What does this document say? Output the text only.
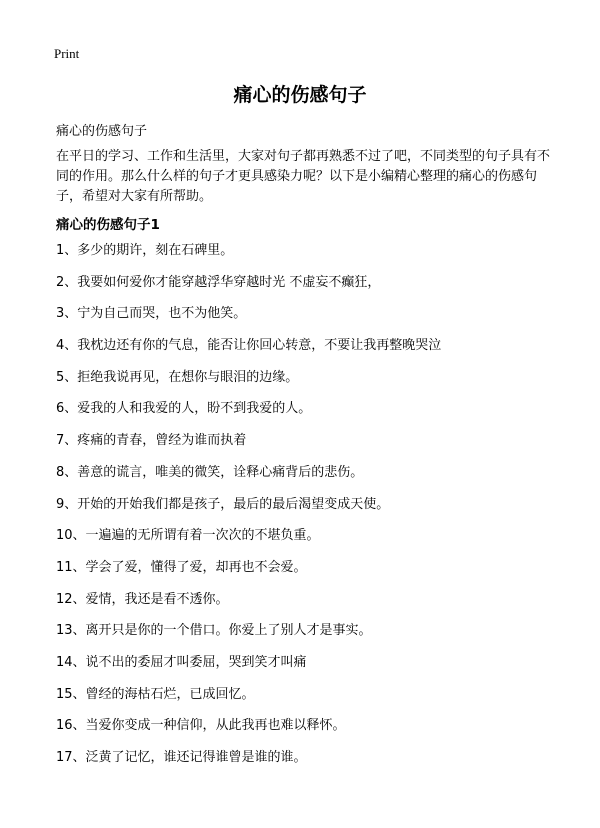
Print
痛心的伤感句子

痛心的伤感句子

在平日的学习、工作和生活里，大家对句子都再熟悉不过了吧，不同类型的句子具有不同的作用。那么什么样的句子才更具感染力呢？以下是小编精心整理的痛心的伤感句子，希望对大家有所帮助。

痛心的伤感句子1
1、多少的期许，刻在石碑里。
2、我要如何爱你才能穿越浮华穿越时光 不虚妄不癫狂，
3、宁为自己而哭，也不为他笑。
4、我枕边还有你的气息，能否让你回心转意，不要让我再整晚哭泣
5、拒绝我说再见，在想你与眼泪的边缘。
6、爱我的人和我爱的人，盼不到我爱的人。
7、疼痛的青春，曾经为谁而执着
8、善意的谎言，唯美的微笑，诠释心痛背后的悲伤。
9、开始的开始我们都是孩子，最后的最后渴望变成天使。
10、一遍遍的无所谓有着一次次的不堪负重。
11、学会了爱，懂得了爱，却再也不会爱。
12、爱情，我还是看不透你。
13、离开只是你的一个借口。你爱上了别人才是事实。
14、说不出的委屈才叫委屈，哭到笑才叫痛
15、曾经的海枯石烂，已成回忆。
16、当爱你变成一种信仰，从此我再也难以释怀。
17、泛黄了记忆，谁还记得谁曾是谁的谁。
